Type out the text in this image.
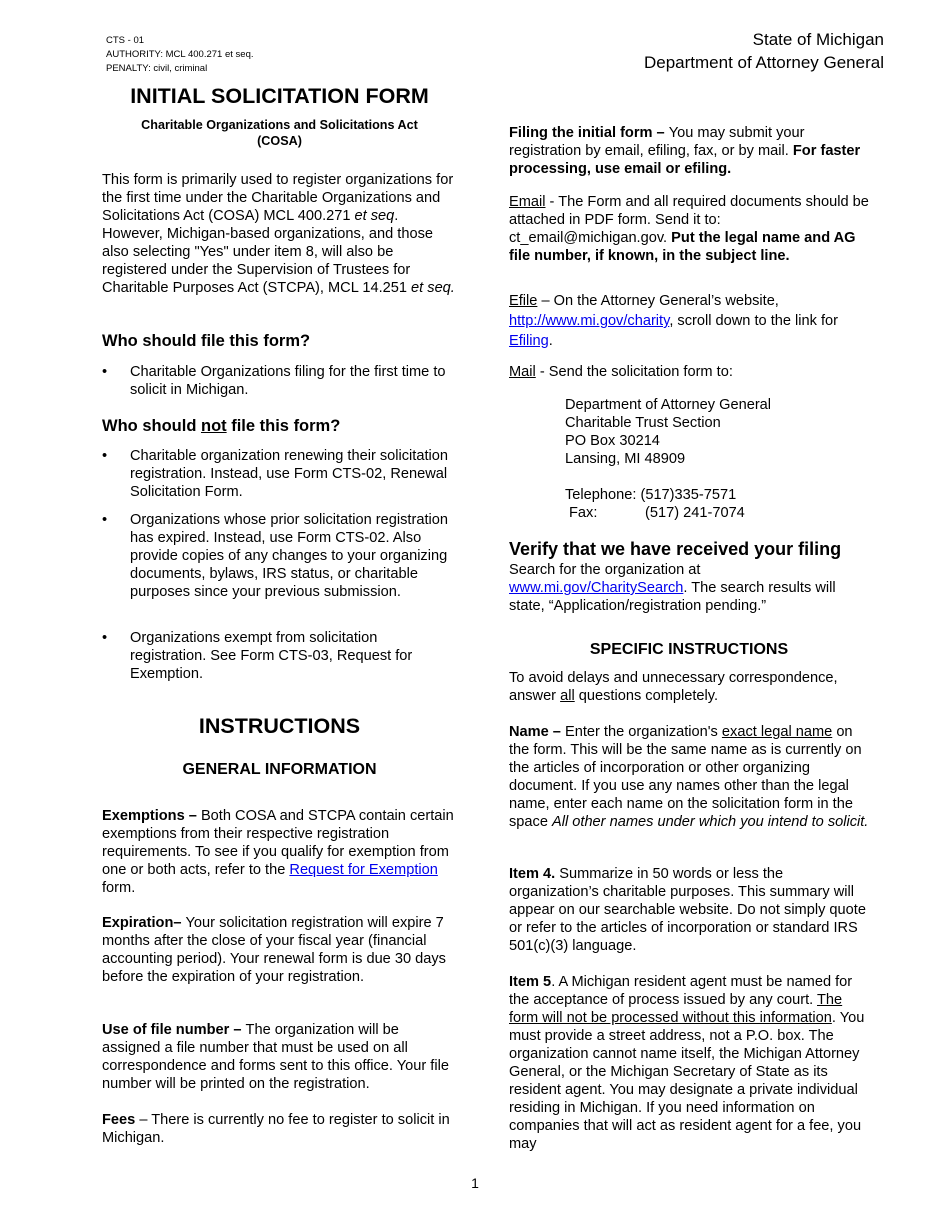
CTS - 01
AUTHORITY: MCL 400.271 et seq.
PENALTY: civil, criminal
State of Michigan
Department of Attorney General
INITIAL SOLICITATION FORM
Charitable Organizations and Solicitations Act
(COSA)

This form is primarily used to register organizations for the first time under the Charitable Organizations and Solicitations Act (COSA) MCL 400.271 et seq. However, Michigan-based organizations, and those also selecting "Yes" under item 8, will also be registered under the Supervision of Trustees for Charitable Purposes Act (STCPA), MCL 14.251 et seq.

Who should file this form?
•	Charitable Organizations filing for the first time to solicit in Michigan.
Who should not file this form?
•	Charitable organization renewing their solicitation registration. Instead, use Form CTS-02, Renewal Solicitation Form.
•	Organizations whose prior solicitation registration has expired. Instead, use Form CTS-02. Also provide copies of any changes to your organizing documents, bylaws, IRS status, or charitable purposes since your previous submission.
•	Organizations exempt from solicitation registration. See Form CTS-03, Request for Exemption.
INSTRUCTIONS
GENERAL INFORMATION

Exemptions – Both COSA and STCPA contain certain exemptions from their respective registration requirements. To see if you qualify for exemption from one or both acts, refer to the Request for Exemption form.

Expiration– Your solicitation registration will expire 7 months after the close of your fiscal year (financial accounting period). Your renewal form is due 30 days before the expiration of your registration.

Use of file number – The organization will be assigned a file number that must be used on all correspondence and forms sent to this office. Your file number will be printed on the registration.

Fees – There is currently no fee to register to solicit in Michigan.

Filing the initial form – You may submit your registration by email, efiling, fax, or by mail. For faster processing, use email or efiling.

Email - The Form and all required documents should be attached in PDF form. Send it to: ct_email@michigan.gov. Put the legal name and AG file number, if known, in the subject line.

Efile – On the Attorney General’s website, http://www.mi.gov/charity, scroll down to the link for Efiling.

Mail - Send the solicitation form to:

Department of Attorney General
Charitable Trust Section
PO Box 30214
Lansing, MI 48909
Telephone: (517)335-7571
Fax:	(517) 241-7074
Verify that we have received your filing

Search for the organization at www.mi.gov/CharitySearch. The search results will state, “Application/registration pending.”

SPECIFIC INSTRUCTIONS

To avoid delays and unnecessary correspondence, answer all questions completely.

Name – Enter the organization's exact legal name on the form. This will be the same name as is currently on the articles of incorporation or other organizing document. If you use any names other than the legal name, enter each name on the solicitation form in the space All other names under which you intend to solicit.

Item 4. Summarize in 50 words or less the organization’s charitable purposes. This summary will appear on our searchable website. Do not simply quote or refer to the articles of incorporation or standard IRS 501(c)(3) language.

Item 5. A Michigan resident agent must be named for the acceptance of process issued by any court. The form will not be processed without this information. You must provide a street address, not a P.O. box. The organization cannot name itself, the Michigan Attorney General, or the Michigan Secretary of State as its resident agent. You may designate a private individual residing in Michigan. If you need information on companies that will act as resident agent for a fee, you may

1
